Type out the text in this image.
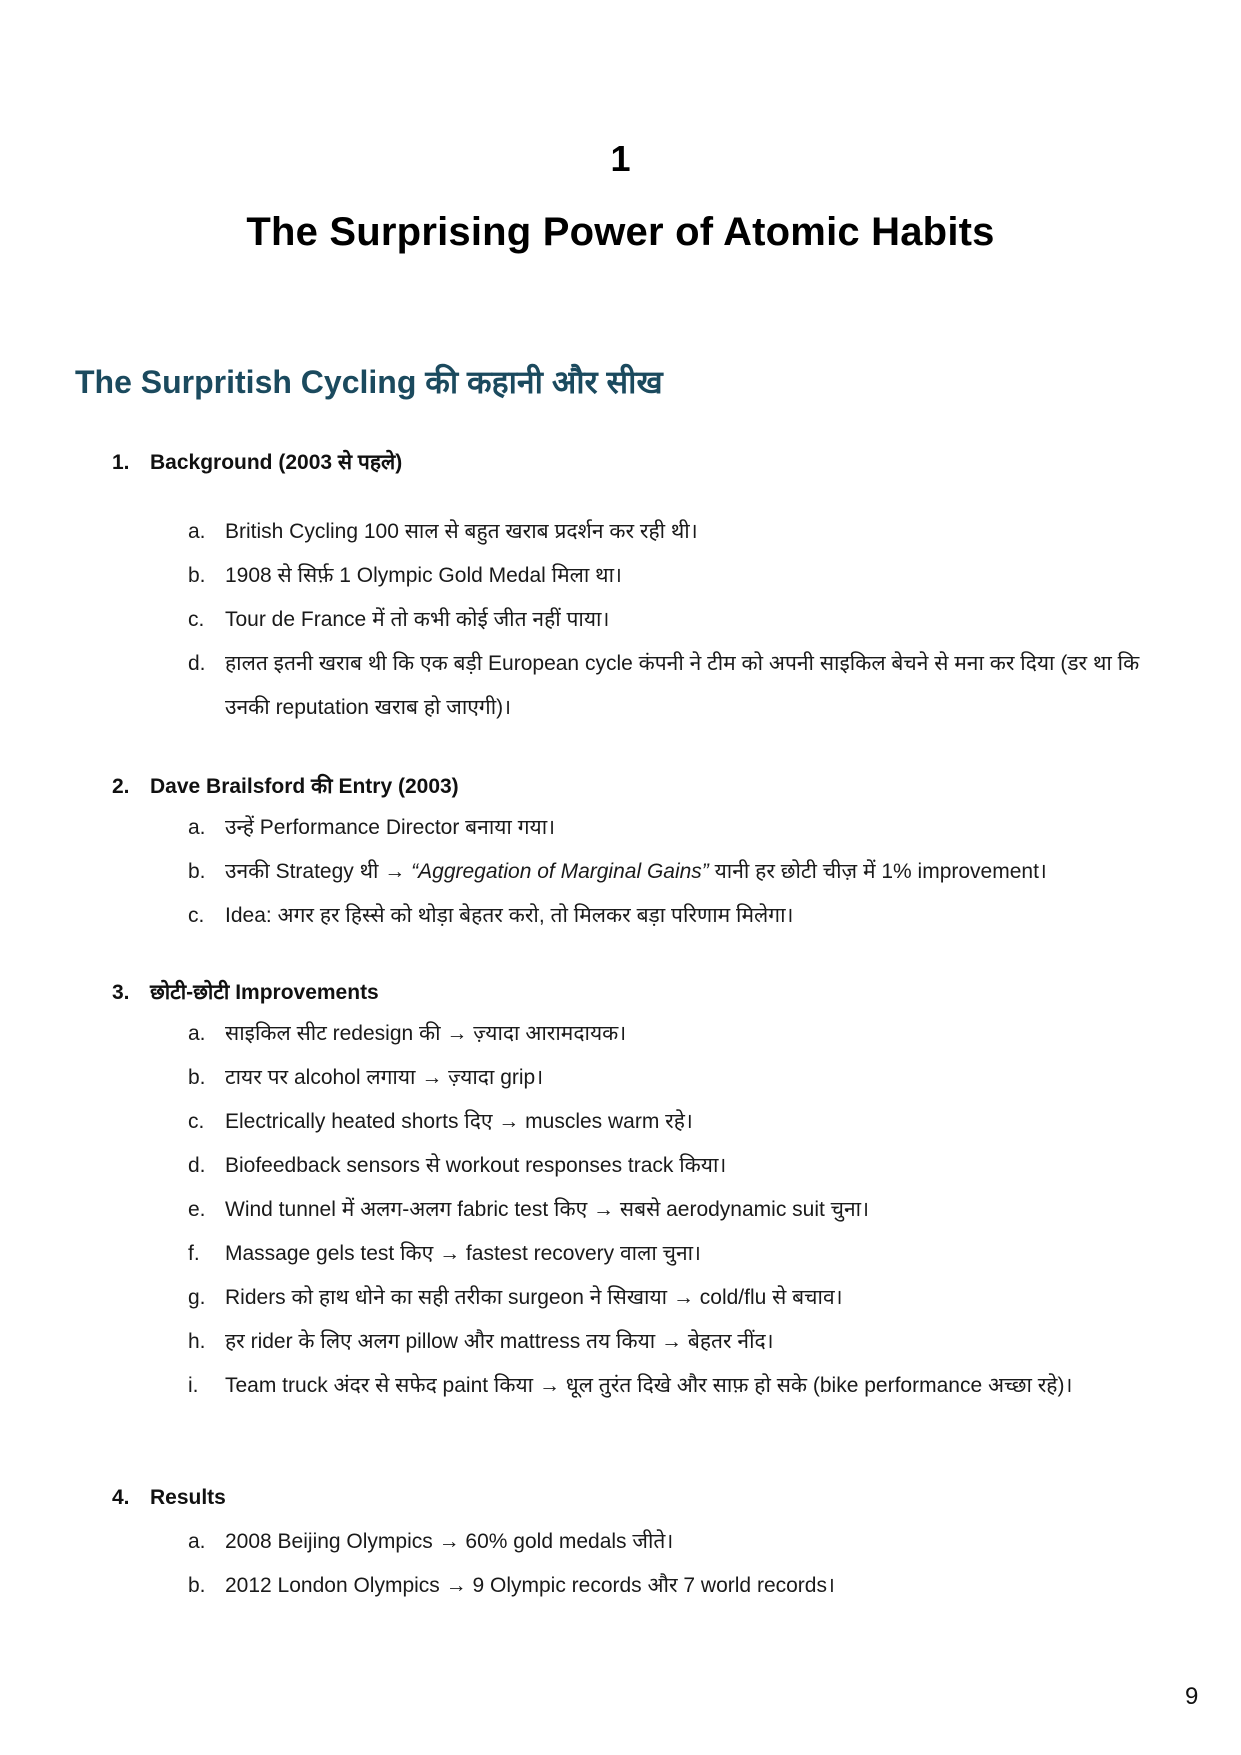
1
The Surprising Power of Atomic Habits
The Surpritish Cycling की कहानी और सीख
1. Background (2003 से पहले)
a. British Cycling 100 साल से बहुत खराब प्रदर्शन कर रही थी।
b. 1908 से सिर्फ़ 1 Olympic Gold Medal मिला था।
c. Tour de France में तो कभी कोई जीत नहीं पाया।
d. हालत इतनी खराब थी कि एक बड़ी European cycle कंपनी ने टीम को अपनी साइकिल बेचने से मना कर दिया (डर था कि उनकी reputation खराब हो जाएगी)।
2. Dave Brailsford की Entry (2003)
a. उन्हें Performance Director बनाया गया।
b. उनकी Strategy थी → “Aggregation of Marginal Gains” यानी हर छोटी चीज़ में 1% improvement।
c. Idea: अगर हर हिस्से को थोड़ा बेहतर करो, तो मिलकर बड़ा परिणाम मिलेगा।
3. छोटी-छोटी Improvements
a. साइकिल सीट redesign की → ज़्यादा आरामदायक।
b. टायर पर alcohol लगाया → ज़्यादा grip।
c. Electrically heated shorts दिए → muscles warm रहे।
d. Biofeedback sensors से workout responses track किया।
e. Wind tunnel में अलग-अलग fabric test किए → सबसे aerodynamic suit चुना।
f.	Massage gels test किए → fastest recovery वाला चुना।
g. Riders को हाथ धोने का सही तरीका surgeon ने सिखाया → cold/flu से बचाव।
h. हर rider के लिए अलग pillow और mattress तय किया → बेहतर नींद।
i.	Team truck अंदर से सफेद paint किया → धूल तुरंत दिखे और साफ़ हो सके (bike performance अच्छा रहे)।
4. Results
a. 2008 Beijing Olympics → 60% gold medals जीते।
b. 2012 London Olympics → 9 Olympic records और 7 world records।
9
